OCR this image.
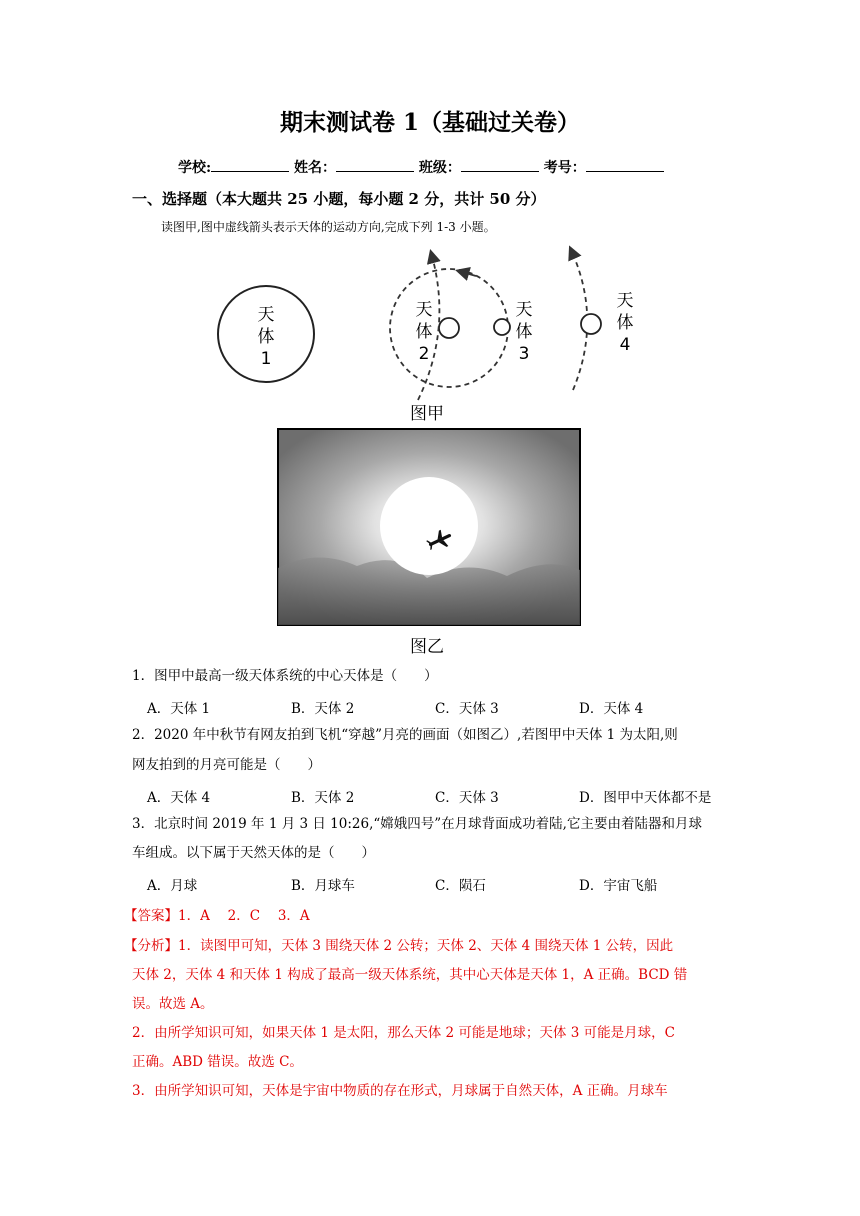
期末测试卷 1（基础过关卷）
学校:	姓名：	班级：	考号：
一、选择题（本大题共 25 小题，每小题 2 分，共计 50 分）
读图甲,图中虚线箭头表示天体的运动方向,完成下列 1-3 小题。
天
体
1
天
体
2
天
体
3
天
体
4
图甲
图乙
1．图甲中最高一级天体系统的中心天体是（　　）
A．天体 1	B．天体 2	C．天体 3	D．天体 4
2．2020 年中秋节有网友拍到飞机“穿越”月亮的画面（如图乙）,若图甲中天体 1 为太阳,则
网友拍到的月亮可能是（　　）
A．天体 4	B．天体 2	C．天体 3	D．图甲中天体都不是
3．北京时间 2019 年 1 月 3 日 10:26,“嫦娥四号”在月球背面成功着陆,它主要由着陆器和月球
车组成。以下属于天然天体的是（　　）
A．月球	B．月球车	C．陨石	D．宇宙飞船
【答案】1．A　 2．C　 3．A
【分析】1．读图甲可知，天体 3 围绕天体 2 公转；天体 2、天体 4 围绕天体 1 公转，因此
天体 2，天体 4 和天体 1 构成了最高一级天体系统，其中心天体是天体 1，A 正确。BCD 错
误。故选 A。
2．由所学知识可知，如果天体 1 是太阳，那么天体 2 可能是地球；天体 3 可能是月球，C
正确。ABD 错误。故选 C。
3．由所学知识可知，天体是宇宙中物质的存在形式，月球属于自然天体，A 正确。月球车
